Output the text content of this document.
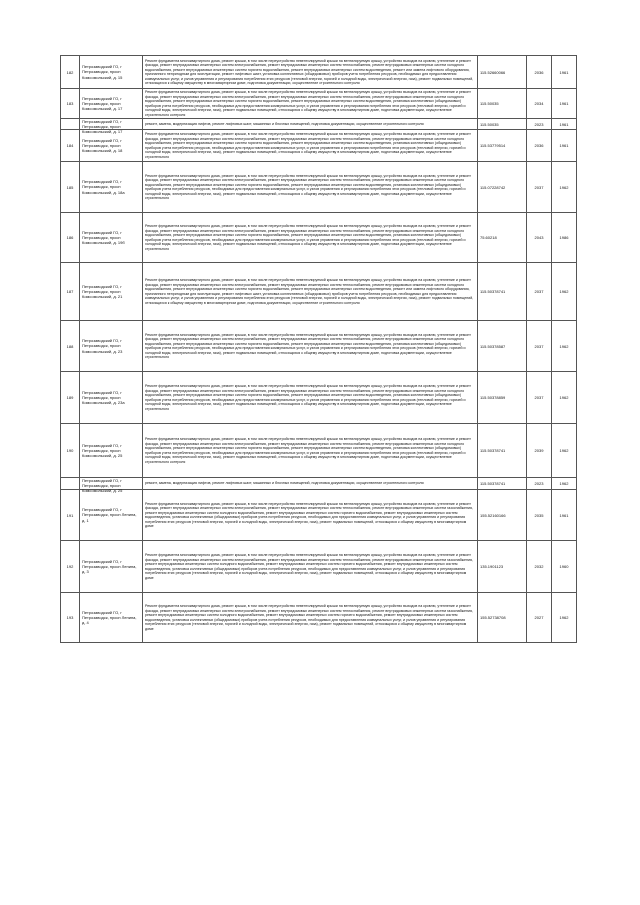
182	Петрозаводский ГО, г Петрозаводск, просп Комсомольский, д. 15	Ремонт фундамента многоквартирного дома, ремонт крыши, в том числе переустройство невентилируемой крыши на вентилируемую крышу, устройство выходов на кровлю, утепление и ремонт фасада, ремонт внутридомовых инженерных систем электроснабжения, ремонт внутридомовых инженерных систем теплоснабжения, ремонт внутридомовых инженерных систем холодного водоснабжения, ремонт внутридомовых инженерных систем горячего водоснабжения, ремонт внутридомовых инженерных систем водоотведения, ремонт или замена лифтового оборудования, признанного непригодным для эксплуатации, ремонт лифтовых шахт, установка коллективных (общедомовых) приборов учета потребления ресурсов, необходимых для предоставления коммунальных услуг, и узлов управления и регулирования потребления этих ресурсов (тепловой энергии, горячей и холодной воды, электрической энергии, газа), ремонт подвальных помещений, относящихся к общему имуществу в многоквартирном доме, подготовка документации, осуществление строительного контроля	115.52660066	2036	1961

183	Петрозаводский ГО, г Петрозаводск, просп Комсомольский, д. 17	Ремонт фундамента многоквартирного дома, ремонт крыши, в том числе переустройство невентилируемой крыши на вентилируемую крышу, устройство выходов на кровлю, утепление и ремонт фасада, ремонт внутридомовых инженерных систем электроснабжения, ремонт внутридомовых инженерных систем теплоснабжения, ремонт внутридомовых инженерных систем холодного водоснабжения, ремонт внутридомовых инженерных систем горячего водоснабжения, ремонт внутридомовых инженерных систем водоотведения, установка коллективных (общедомовых) приборов учета потребления ресурсов, необходимых для предоставления коммунальных услуг, и узлов управления и регулирования потребления этих ресурсов (тепловой энергии, горячей и холодной воды, электрической энергии, газа), ремонт подвальных помещений, относящихся к общему имуществу в многоквартирном доме, подготовка документации, осуществление строительного контроля	115.50035	2034	1961

	Петрозаводский ГО, г Петрозаводск, просп Комсомольский, д. 17	ремонт, замена, модернизация лифтов, ремонт лифтовых шахт, машинных и блочных помещений, подготовка документации, осуществление строительного контроля	115.50035	2023	1961

184	Петрозаводский ГО, г Петрозаводск, просп Комсомольский, д. 18	Ремонт фундамента многоквартирного дома, ремонт крыши, в том числе переустройство невентилируемой крыши на вентилируемую крышу, устройство выходов на кровлю, утепление и ремонт фасада, ремонт внутридомовых инженерных систем электроснабжения, ремонт внутридомовых инженерных систем теплоснабжения, ремонт внутридомовых инженерных систем холодного водоснабжения, ремонт внутридомовых инженерных систем горячего водоснабжения, ремонт внутридомовых инженерных систем водоотведения, установка коллективных (общедомовых) приборов учета потребления ресурсов, необходимых для предоставления коммунальных услуг, и узлов управления и регулирования потребления этих ресурсов (тепловой энергии, горячей и холодной воды, электрической энергии, газа), ремонт подвальных помещений, относящихся к общему имуществу в многоквартирном доме, подготовка документации, осуществление строительного	115.53779514	2036	1961

185	Петрозаводский ГО, г Петрозаводск, просп Комсомольский, д. 18а	Ремонт фундамента многоквартирного дома, ремонт крыши, в том числе переустройство невентилируемой крыши на вентилируемую крышу, устройство выходов на кровлю, утепление и ремонт фасада, ремонт внутридомовых инженерных систем электроснабжения, ремонт внутридомовых инженерных систем теплоснабжения, ремонт внутридомовых инженерных систем холодного водоснабжения, ремонт внутридомовых инженерных систем горячего водоснабжения, ремонт внутридомовых инженерных систем водоотведения, установка коллективных (общедомовых) приборов учета потребления ресурсов, необходимых для предоставления коммунальных услуг, и узлов управления и регулирования потребления этих ресурсов (тепловой энергии, горячей и холодной воды, электрической энергии, газа), ремонт подвальных помещений, относящихся к общему имуществу в многоквартирном доме, подготовка документации, осуществление строительного	115.07228742	2037	1962

186	Петрозаводский ГО, г Петрозаводск, просп Комсомольский, д. 19б	Ремонт фундамента многоквартирного дома, ремонт крыши, в том числе переустройство невентилируемой крыши на вентилируемую крышу, устройство выходов на кровлю, утепление и ремонт фасада, ремонт внутридомовых инженерных систем электроснабжения, ремонт внутридомовых инженерных систем теплоснабжения, ремонт внутридомовых инженерных систем холодного водоснабжения, ремонт внутридомовых инженерных систем горячего водоснабжения, ремонт внутридомовых инженерных систем водоотведения, установка коллективных (общедомовых) приборов учета потребления ресурсов, необходимых для предоставления коммунальных услуг, и узлов управления и регулирования потребления этих ресурсов (тепловой энергии, горячей и холодной воды, электрической энергии, газа), ремонт подвальных помещений, относящихся к общему имуществу в многоквартирном доме, подготовка документации, осуществление строительного	75.60218	2043	1986

187	Петрозаводский ГО, г Петрозаводск, просп Комсомольский, д. 21	Ремонт фундамента многоквартирного дома, ремонт крыши, в том числе переустройство невентилируемой крыши на вентилируемую крышу, устройство выходов на кровлю, утепление и ремонт фасада, ремонт внутридомовых инженерных систем электроснабжения, ремонт внутридомовых инженерных систем теплоснабжения, ремонт внутридомовых инженерных систем холодного водоснабжения, ремонт внутридомовых инженерных систем горячего водоснабжения, ремонт внутридомовых инженерных систем водоотведения, ремонт или замена лифтового оборудования, признанного непригодным для эксплуатации, ремонт лифтовых шахт, установка коллективных (общедомовых) приборов учета потребления ресурсов, необходимых для предоставления коммунальных услуг, и узлов управления и регулирования потребления этих ресурсов (тепловой энергии, горячей и холодной воды, электрической энергии, газа), ремонт подвальных помещений, относящихся к общему имуществу в многоквартирном доме, подготовка документации, осуществление строительного контроля	115.50378741	2037	1962

188	Петрозаводский ГО, г Петрозаводск, просп Комсомольский, д. 23	Ремонт фундамента многоквартирного дома, ремонт крыши, в том числе переустройство невентилируемой крыши на вентилируемую крышу, устройство выходов на кровлю, утепление и ремонт фасада, ремонт внутридомовых инженерных систем электроснабжения, ремонт внутридомовых инженерных систем теплоснабжения, ремонт внутридомовых инженерных систем холодного водоснабжения, ремонт внутридомовых инженерных систем горячего водоснабжения, ремонт внутридомовых инженерных систем водоотведения, установка коллективных (общедомовых) приборов учета потребления ресурсов, необходимых для предоставления коммунальных услуг, и узлов управления и регулирования потребления этих ресурсов (тепловой энергии, горячей и холодной воды, электрической энергии, газа), ремонт подвальных помещений, относящихся к общему имуществу в многоквартирном доме, подготовка документации, осуществление строительного	115.50378587	2037	1962

189	Петрозаводский ГО, г Петрозаводск, просп Комсомольский, д. 23а	Ремонт фундамента многоквартирного дома, ремонт крыши, в том числе переустройство невентилируемой крыши на вентилируемую крышу, устройство выходов на кровлю, утепление и ремонт фасада, ремонт внутридомовых инженерных систем электроснабжения, ремонт внутридомовых инженерных систем теплоснабжения, ремонт внутридомовых инженерных систем холодного водоснабжения, ремонт внутридомовых инженерных систем горячего водоснабжения, ремонт внутридомовых инженерных систем водоотведения, установка коллективных (общедомовых) приборов учета потребления ресурсов, необходимых для предоставления коммунальных услуг, и узлов управления и регулирования потребления этих ресурсов (тепловой энергии, горячей и холодной воды, электрической энергии, газа), ремонт подвальных помещений, относящихся к общему имуществу в многоквартирном доме, подготовка документации, осуществление строительного	115.50378859	2037	1962

190	Петрозаводский ГО, г Петрозаводск, просп Комсомольский, д. 25	Ремонт фундамента многоквартирного дома, ремонт крыши, в том числе переустройство невентилируемой крыши на вентилируемую крышу, устройство выходов на кровлю, утепление и ремонт фасада, ремонт внутридомовых инженерных систем электроснабжения, ремонт внутридомовых инженерных систем теплоснабжения, ремонт внутридомовых инженерных систем холодного водоснабжения, ремонт внутридомовых инженерных систем горячего водоснабжения, ремонт внутридомовых инженерных систем водоотведения, установка коллективных (общедомовых) приборов учета потребления ресурсов, необходимых для предоставления коммунальных услуг, и узлов управления и регулирования потребления этих ресурсов (тепловой энергии, горячей и холодной воды, электрической энергии, газа), ремонт подвальных помещений, относящихся к общему имуществу в многоквартирном доме, подготовка документации, осуществление строительного контроля	115.50378741	2039	1962

	Петрозаводский ГО, г Петрозаводск, просп Комсомольский, д. 25	ремонт, замена, модернизация лифтов, ремонт лифтовых шахт, машинных и блочных помещений, подготовка документации, осуществление строительного контроля	115.50378741	2023	1962

191	Петрозаводский ГО, г Петрозаводск, просп Ленина, д. 1	Ремонт фундамента многоквартирного дома, ремонт крыши, в том числе переустройство невентилируемой крыши на вентилируемую крышу, устройство выходов на кровлю, утепление и ремонт фасада, ремонт внутридомовых инженерных систем электроснабжения, ремонт внутридомовых инженерных систем теплоснабжения, ремонт внутридомовых инженерных систем газоснабжения, ремонт внутридомовых инженерных систем холодного водоснабжения, ремонт внутридомовых инженерных систем горячего водоснабжения, ремонт внутридомовых инженерных систем водоотведения, установка коллективных (общедомовых) приборов учета потребления ресурсов, необходимых для предоставления коммунальных услуг, и узлов управления и регулирования потребления этих ресурсов (тепловой энергии, горячей и холодной воды, электрической энергии, газа), ремонт подвальных помещений, относящихся к общему имуществу в многоквартирном доме	155.52160166	2035	1961

192	Петрозаводский ГО, г Петрозаводск, просп Ленина, д. 3	Ремонт фундамента многоквартирного дома, ремонт крыши, в том числе переустройство невентилируемой крыши на вентилируемую крышу, устройство выходов на кровлю, утепление и ремонт фасада, ремонт внутридомовых инженерных систем электроснабжения, ремонт внутридомовых инженерных систем теплоснабжения, ремонт внутридомовых инженерных систем газоснабжения, ремонт внутридомовых инженерных систем холодного водоснабжения, ремонт внутридомовых инженерных систем горячего водоснабжения, ремонт внутридомовых инженерных систем водоотведения, установка коллективных (общедомовых) приборов учета потребления ресурсов, необходимых для предоставления коммунальных услуг, и узлов управления и регулирования потребления этих ресурсов (тепловой энергии, горячей и холодной воды, электрической энергии, газа), ремонт подвальных помещений, относящихся к общему имуществу в многоквартирном доме	135.1901123	2032	1960

193	Петрозаводский ГО, г Петрозаводск, просп Ленина, д. 4	Ремонт фундамента многоквартирного дома, ремонт крыши, в том числе переустройство невентилируемой крыши на вентилируемую крышу, устройство выходов на кровлю, утепление и ремонт фасада, ремонт внутридомовых инженерных систем электроснабжения, ремонт внутридомовых инженерных систем теплоснабжения, ремонт внутридомовых инженерных систем газоснабжения, ремонт внутридомовых инженерных систем холодного водоснабжения, ремонт внутридомовых инженерных систем горячего водоснабжения, ремонт внутридомовых инженерных систем водоотведения, установка коллективных (общедомовых) приборов учета потребления ресурсов, необходимых для предоставления коммунальных услуг, и узлов управления и регулирования потребления этих ресурсов (тепловой энергии, горячей и холодной воды, электрической энергии, газа), ремонт подвальных помещений, относящихся к общему имуществу в многоквартирном доме	155.52738708	2027	1962
